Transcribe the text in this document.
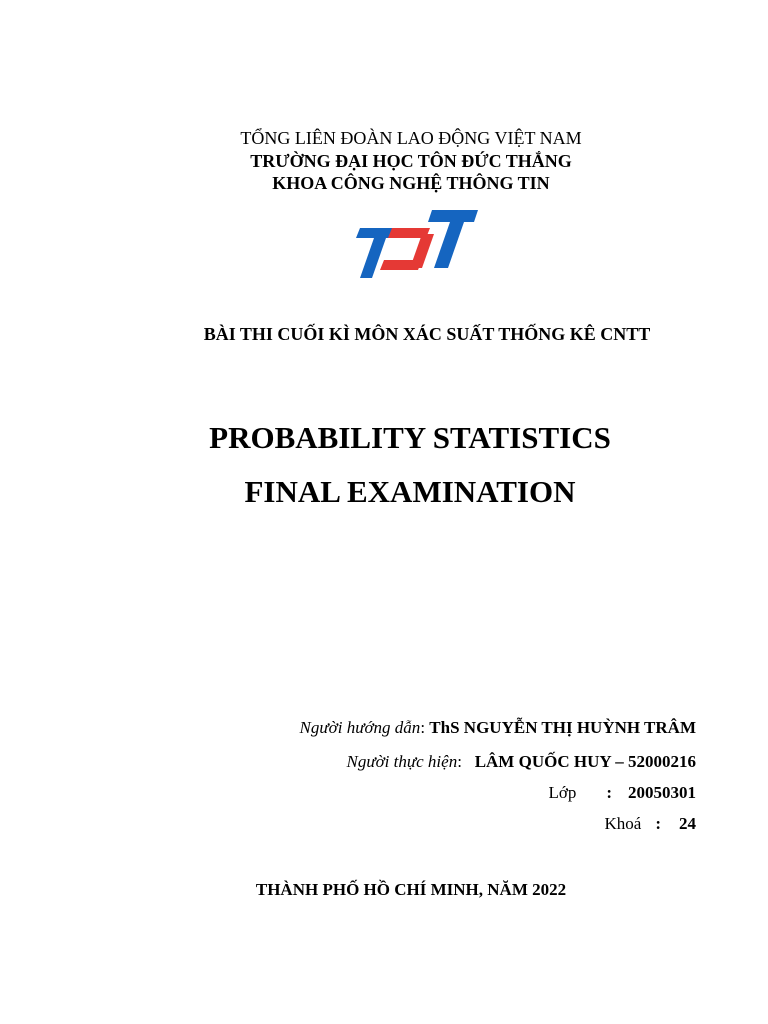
TỔNG LIÊN ĐOÀN LAO ĐỘNG VIỆT NAM
TRƯỜNG ĐẠI HỌC TÔN ĐỨC THẮNG
KHOA CÔNG NGHỆ THÔNG TIN
BÀI THI CUỐI KÌ MÔN XÁC SUẤT THỐNG KÊ CNTT
PROBABILITY STATISTICS
FINAL EXAMINATION
Người hướng dẫn: ThS NGUYỄN THỊ HUỲNH TRÂM
Người thực hiện:   LÂM QUỐC HUY – 52000216
Lớp : 20050301
Khoá : 24
THÀNH PHỐ HỒ CHÍ MINH, NĂM 2022
